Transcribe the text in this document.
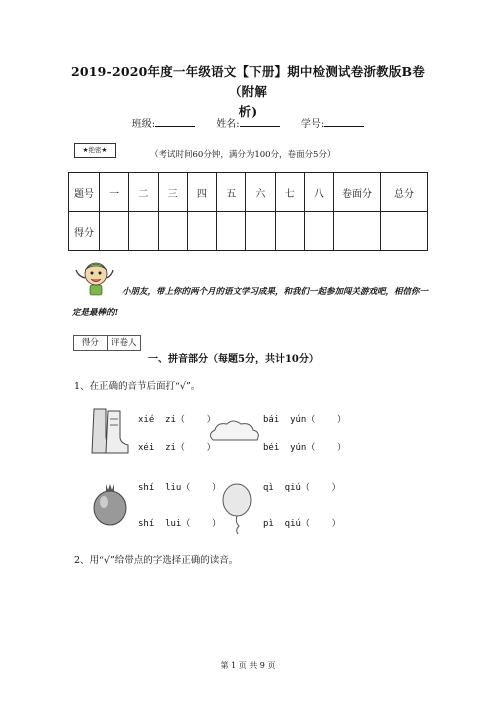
2019-2020年度一年级语文【下册】期中检测试卷浙教版B卷（附解
析)
班级:	姓名:	学号:
★绝密★	（考试时间60分钟，满分为100分，卷面分5分）
题号	一	二	三	四	五	六	七	八	卷面分	总分
得分										
小朋友，带上你的两个月的语文学习成果，和我们一起参加闯关游戏吧，相信你一
定是最棒的!
得分	评卷人
一、拼音部分（每题5分，共计10分）
1、在正确的音节后面打“√”。
xié  zi（    ）
xéi  zi（    ）
bái  yún（    ）
béi  yún（    ）
shí  liu（    ）
shí  lui（    ）
qì  qiú（    ）
pì  qiú（    ）
2、用“√”给带点的字选择正确的读音。
第 1 页 共 9 页
